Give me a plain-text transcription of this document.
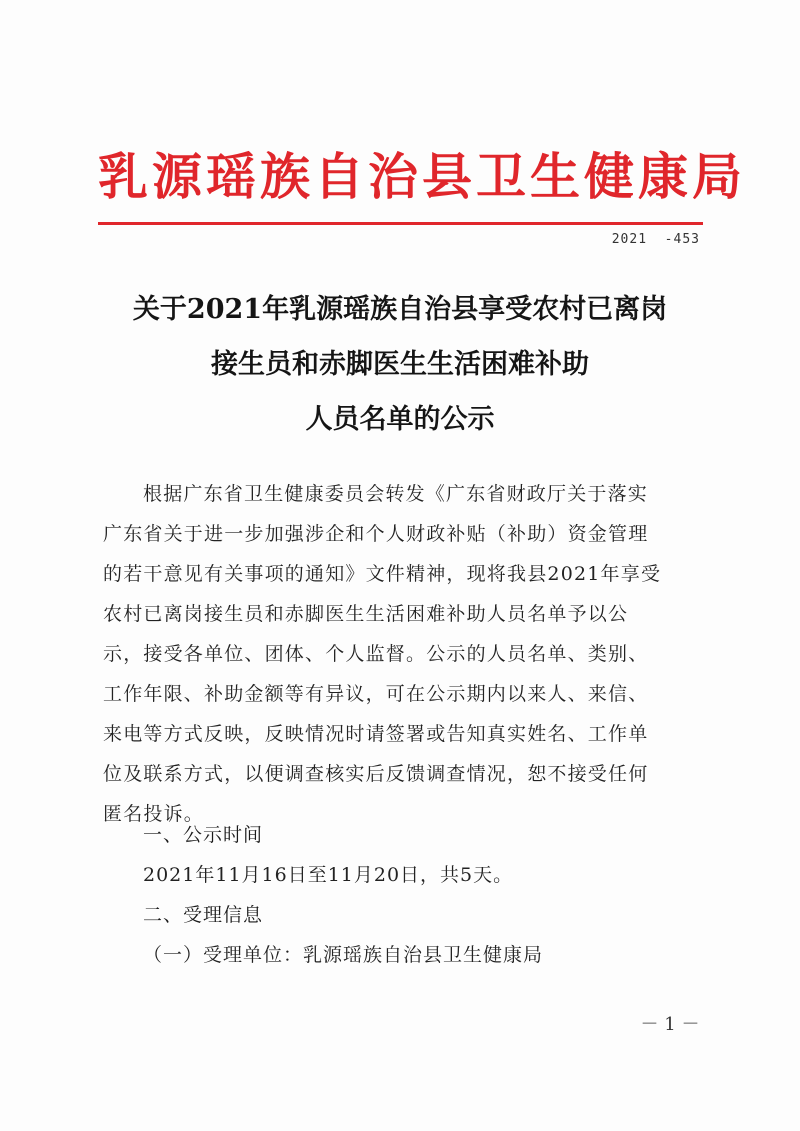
乳源瑶族自治县卫生健康局
2021  -453
关于2021年乳源瑶族自治县享受农村已离岗
接生员和赤脚医生生活困难补助
人员名单的公示
根据广东省卫生健康委员会转发《广东省财政厅关于落实
广东省关于进一步加强涉企和个人财政补贴（补助）资金管理
的若干意见有关事项的通知》文件精神，现将我县2021年享受
农村已离岗接生员和赤脚医生生活困难补助人员名单予以公
示，接受各单位、团体、个人监督。公示的人员名单、类别、
工作年限、补助金额等有异议，可在公示期内以来人、来信、
来电等方式反映，反映情况时请签署或告知真实姓名、工作单
位及联系方式，以便调查核实后反馈调查情况，恕不接受任何
匿名投诉。
一、公示时间
2021年11月16日至11月20日，共5天。
二、受理信息
（一）受理单位：乳源瑶族自治县卫生健康局
－ 1 －
